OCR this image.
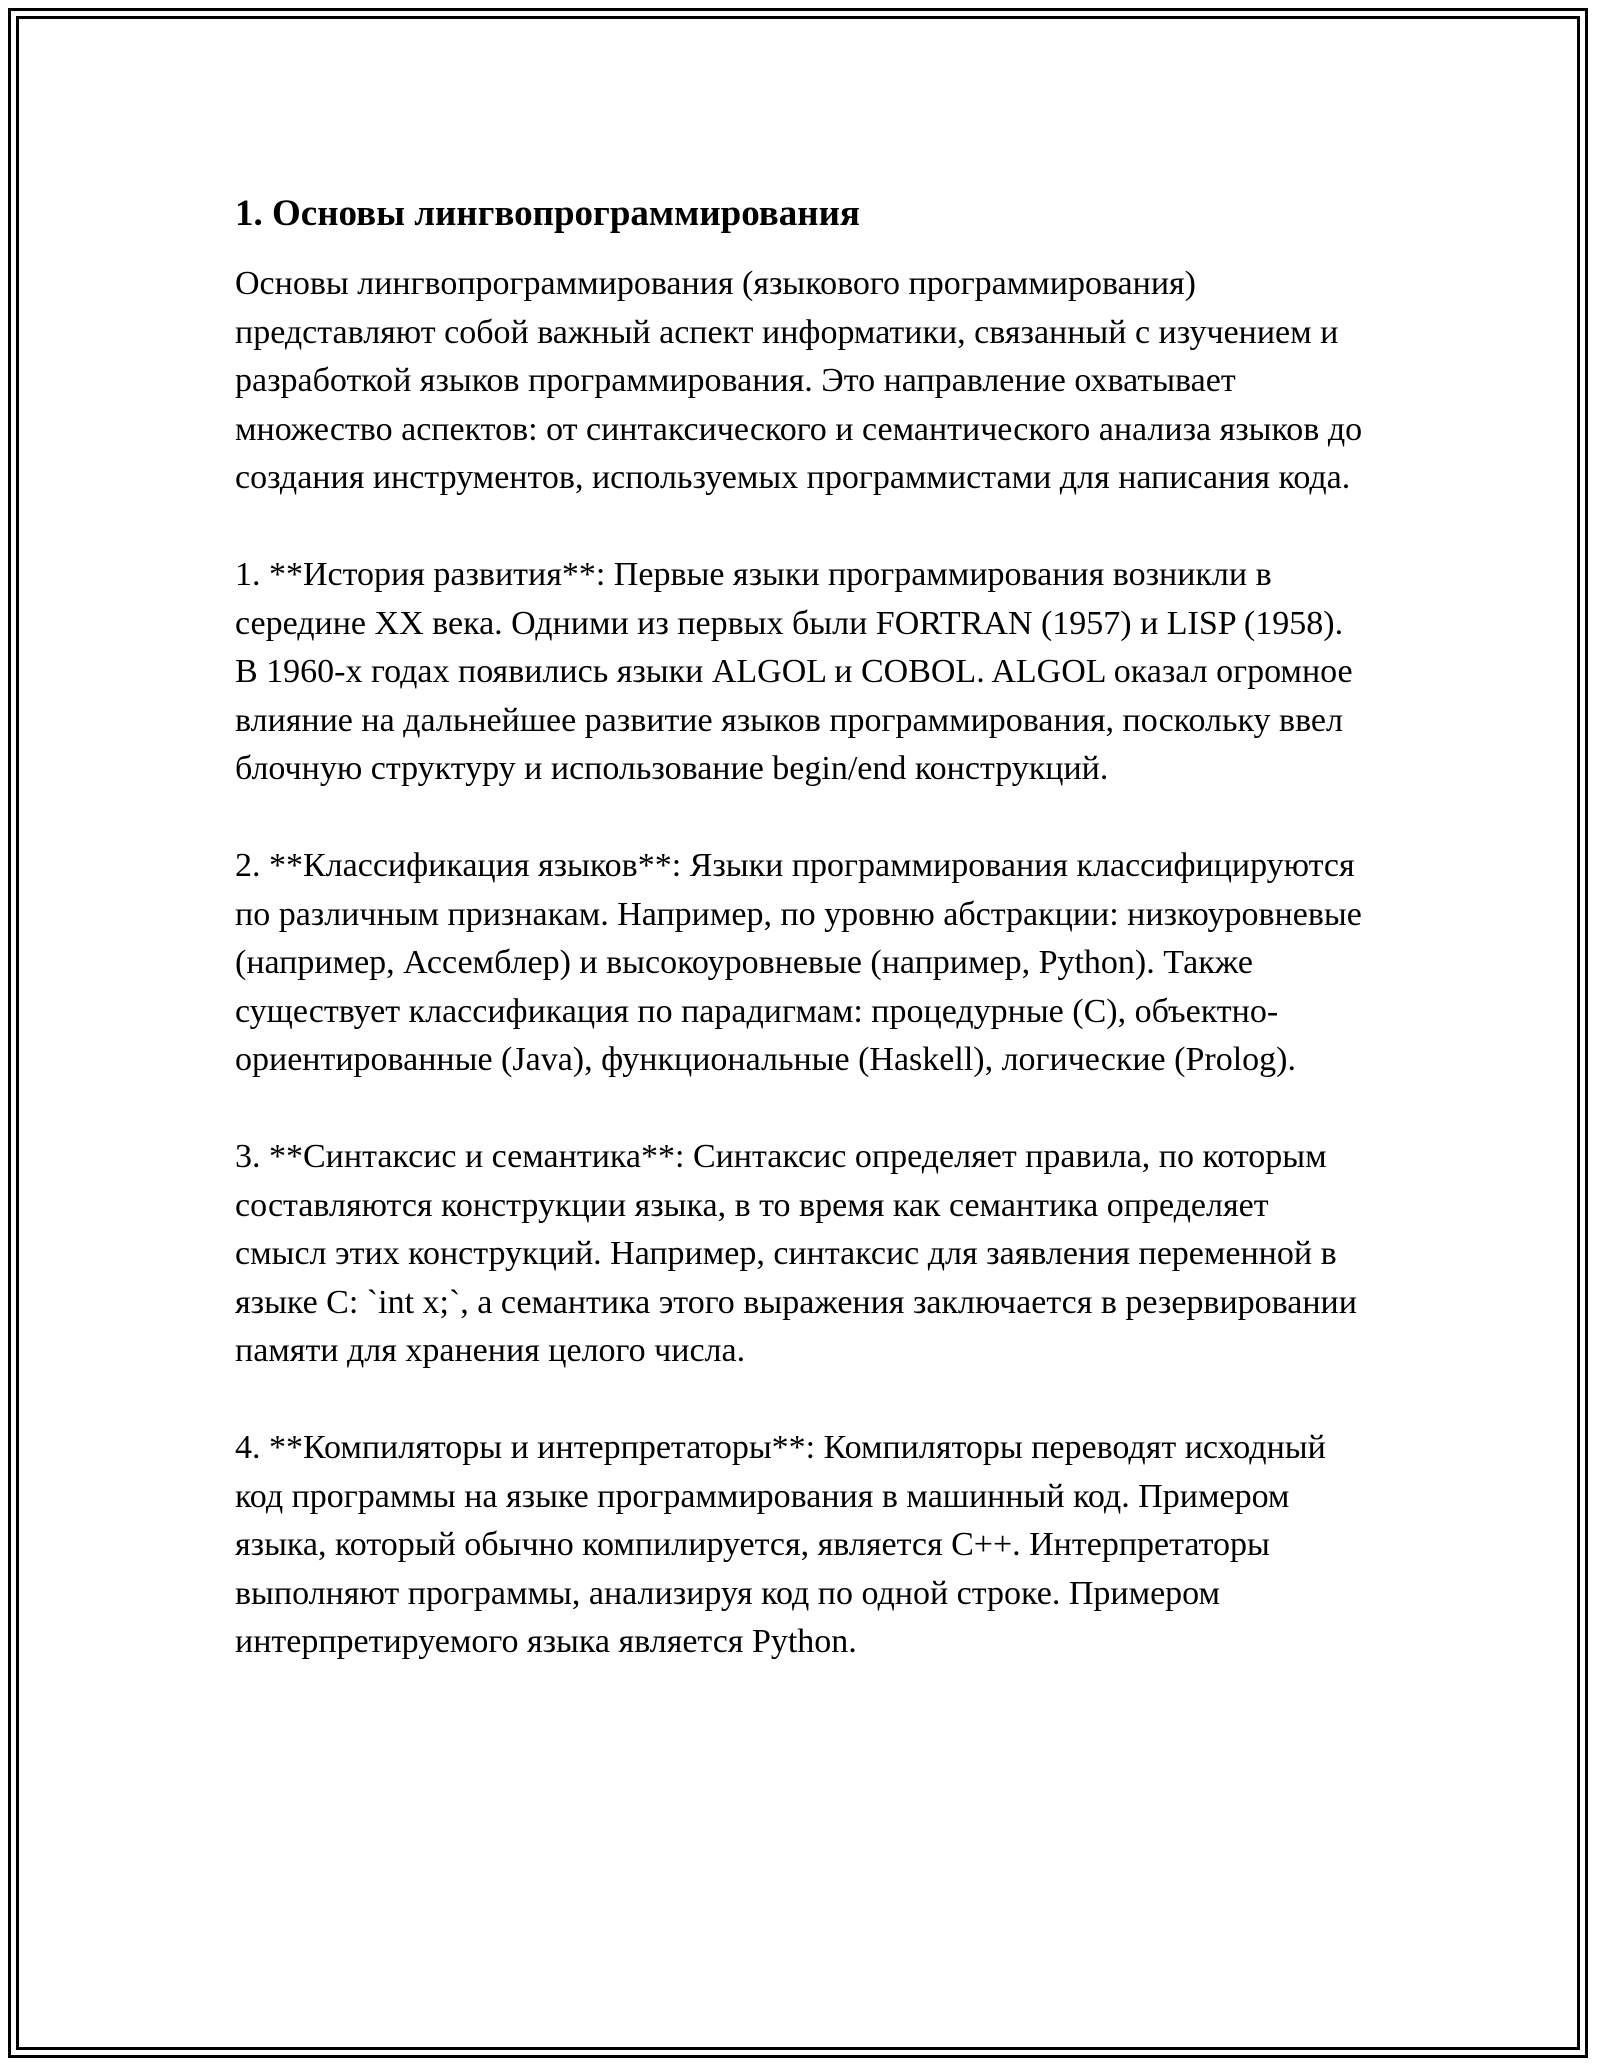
1. Основы лингвопрограммирования

Основы лингвопрограммирования (языкового программирования) представляют собой важный аспект информатики, связанный с изучением и разработкой языков программирования. Это направление охватывает множество аспектов: от синтаксического и семантического анализа языков до создания инструментов, используемых программистами для написания кода.

1. **История развития**: Первые языки программирования возникли в середине XX века. Одними из первых были FORTRAN (1957) и LISP (1958). В 1960-х годах появились языки ALGOL и COBOL. ALGOL оказал огромное влияние на дальнейшее развитие языков программирования, поскольку ввел блочную структуру и использование begin/end конструкций.

2. **Классификация языков**: Языки программирования классифицируются по различным признакам. Например, по уровню абстракции: низкоуровневые (например, Ассемблер) и высокоуровневые (например, Python). Также существует классификация по парадигмам: процедурные (C), объектно-ориентированные (Java), функциональные (Haskell), логические (Prolog).

3. **Синтаксис и семантика**: Синтаксис определяет правила, по которым составляются конструкции языка, в то время как семантика определяет смысл этих конструкций. Например, синтаксис для заявления переменной в языке C: `int x;`, а семантика этого выражения заключается в резервировании памяти для хранения целого числа.

4. **Компиляторы и интерпретаторы**: Компиляторы переводят исходный код программы на языке программирования в машинный код. Примером языка, который обычно компилируется, является C++. Интерпретаторы выполняют программы, анализируя код по одной строке. Примером интерпретируемого языка является Python.
